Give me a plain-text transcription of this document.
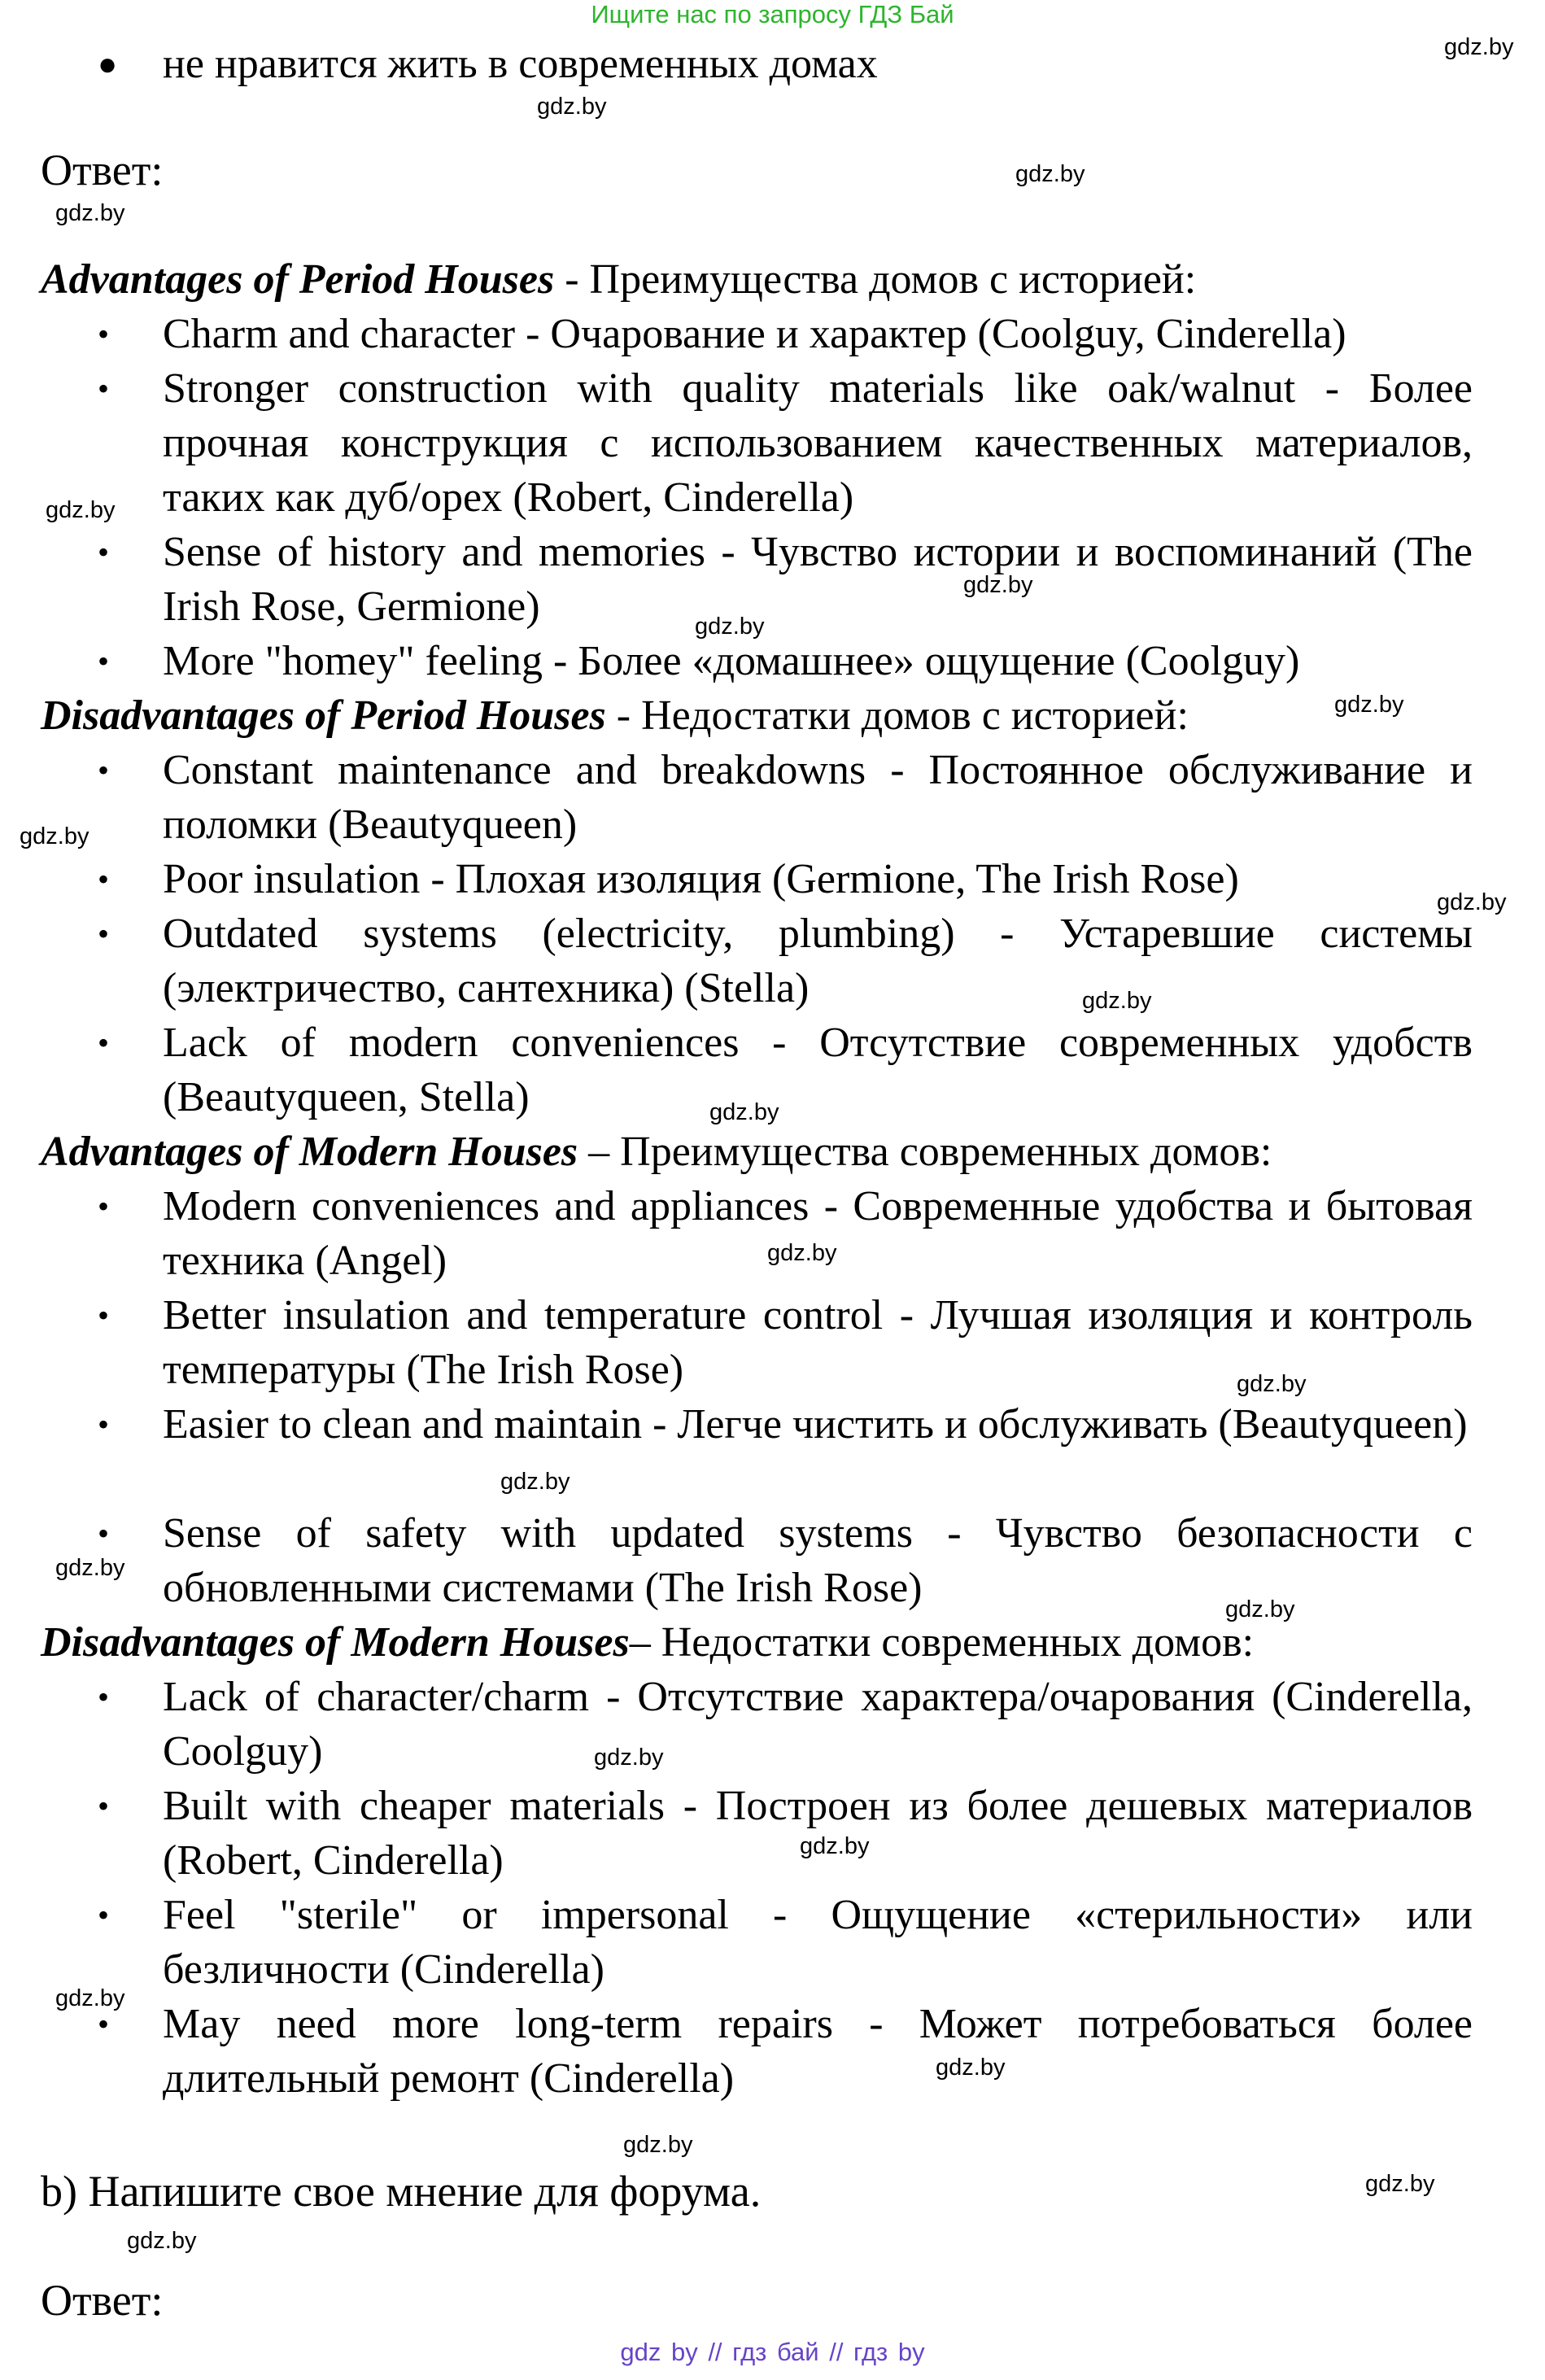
Ищите нас по запросу ГДЗ Бай
● не нравится жить в современных домах
Ответ:
Advantages of Period Houses - Преимущества домов с историей:
• Charm and character - Очарование и характер (Coolguy, Cinderella)
• Stronger construction with quality materials like oak/walnut - Более прочная конструкция с использованием качественных материалов, таких как дуб/орех (Robert, Cinderella)
• Sense of history and memories - Чувство истории и воспоминаний (The Irish Rose, Germione)
• More "homey" feeling - Более «домашнее» ощущение (Coolguy)
Disadvantages of Period Houses - Недостатки домов с историей:
• Constant maintenance and breakdowns - Постоянное обслуживание и поломки (Beautyqueen)
• Poor insulation - Плохая изоляция (Germione, The Irish Rose)
• Outdated systems (electricity, plumbing) - Устаревшие системы (электричество, сантехника) (Stella)
• Lack of modern conveniences - Отсутствие современных удобств (Beautyqueen, Stella)
Advantages of Modern Houses – Преимущества современных домов:
• Modern conveniences and appliances - Современные удобства и бытовая техника (Angel)
• Better insulation and temperature control - Лучшая изоляция и контроль температуры (The Irish Rose)
• Easier to clean and maintain - Легче чистить и обслуживать (Beautyqueen)
• Sense of safety with updated systems - Чувство безопасности с обновленными системами (The Irish Rose)
Disadvantages of Modern Houses– Недостатки современных домов:
• Lack of character/charm - Отсутствие характера/очарования (Cinderella, Coolguy)
• Built with cheaper materials - Построен из более дешевых материалов (Robert, Cinderella)
• Feel "sterile" or impersonal - Ощущение «стерильности» или безличности (Cinderella)
• May need more long-term repairs - Может потребоваться более длительный ремонт (Cinderella)
b) Напишите свое мнение для форума.
Ответ:
gdz.by
gdz.by
gdz.by
gdz.by
gdz.by
gdz.by
gdz.by
gdz.by
gdz.by
gdz.by
gdz.by
gdz.by
gdz.by
gdz.by
gdz.by
gdz.by
gdz.by
gdz.by
gdz.by
gdz.by
gdz.by
gdz.by
gdz.by
gdz.by
gdz by // гдз бай // гдз by
